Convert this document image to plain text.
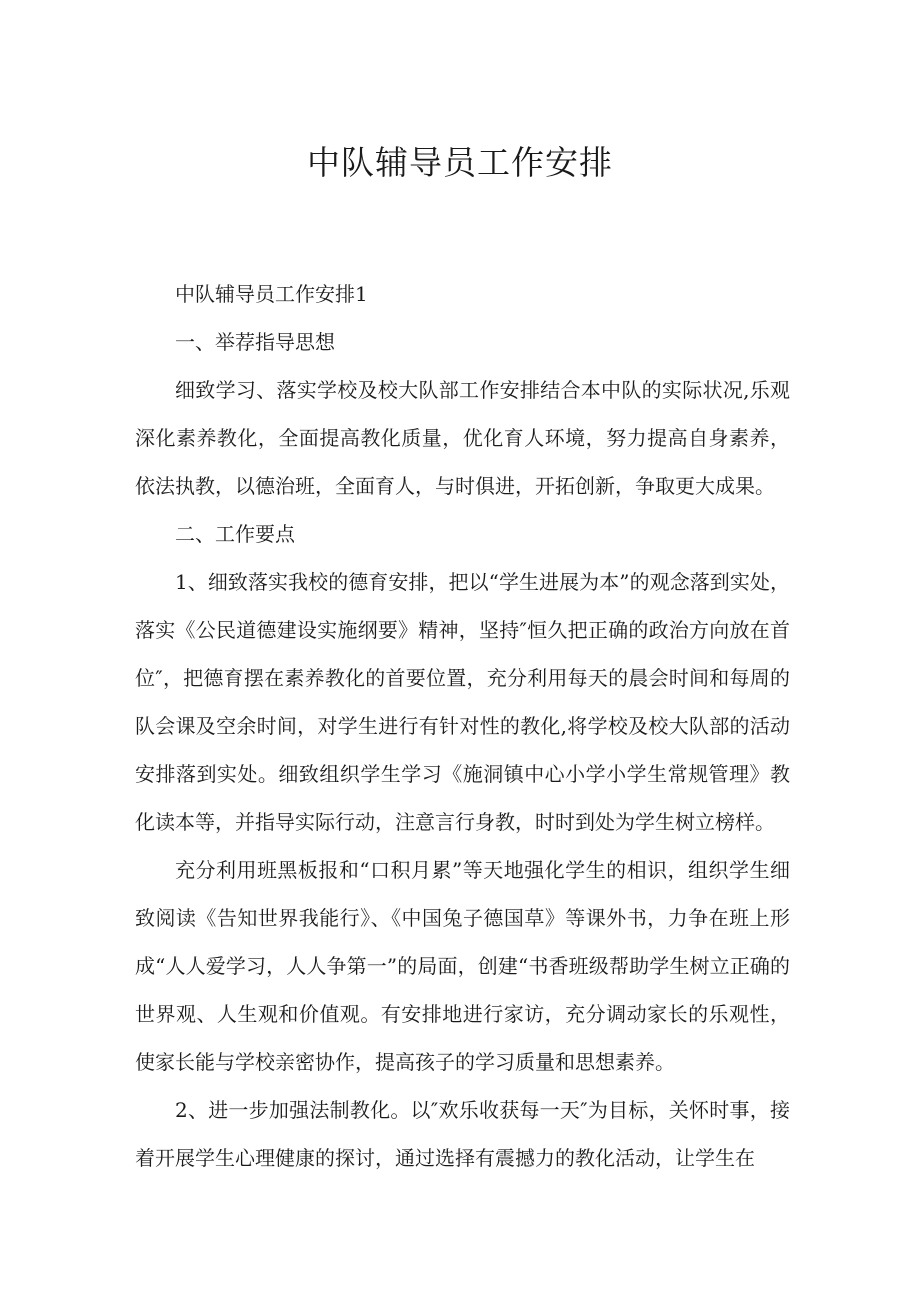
中队辅导员工作安排

中队辅导员工作安排1

一、举荐指导思想

细致学习、落实学校及校大队部工作安排结合本中队的实际状况,乐观深化素养教化，全面提高教化质量，优化育人环境，努力提高自身素养，依法执教，以德治班，全面育人，与时俱进，开拓创新，争取更大成果。

二、工作要点

1、细致落实我校的德育安排，把以“学生进展为本”的观念落到实处，落实《公民道德建设实施纲要》精神，坚持″恒久把正确的政治方向放在首位″，把德育摆在素养教化的首要位置，充分利用每天的晨会时间和每周的队会课及空余时间，对学生进行有针对性的教化,将学校及校大队部的活动安排落到实处。细致组织学生学习《施洞镇中心小学小学生常规管理》教化读本等，并指导实际行动，注意言行身教，时时到处为学生树立榜样。

充分利用班黑板报和“口积月累”等天地强化学生的相识，组织学生细致阅读《告知世界我能行》、《中国兔子德国草》等课外书，力争在班上形成“人人爱学习，人人争第一”的局面，创建“书香班级帮助学生树立正确的世界观、人生观和价值观。有安排地进行家访，充分调动家长的乐观性，使家长能与学校亲密协作，提高孩子的学习质量和思想素养。

2、进一步加强法制教化。以″欢乐收获每一天″为目标，关怀时事，接着开展学生心理健康的探讨，通过选择有震撼力的教化活动，让学生在
